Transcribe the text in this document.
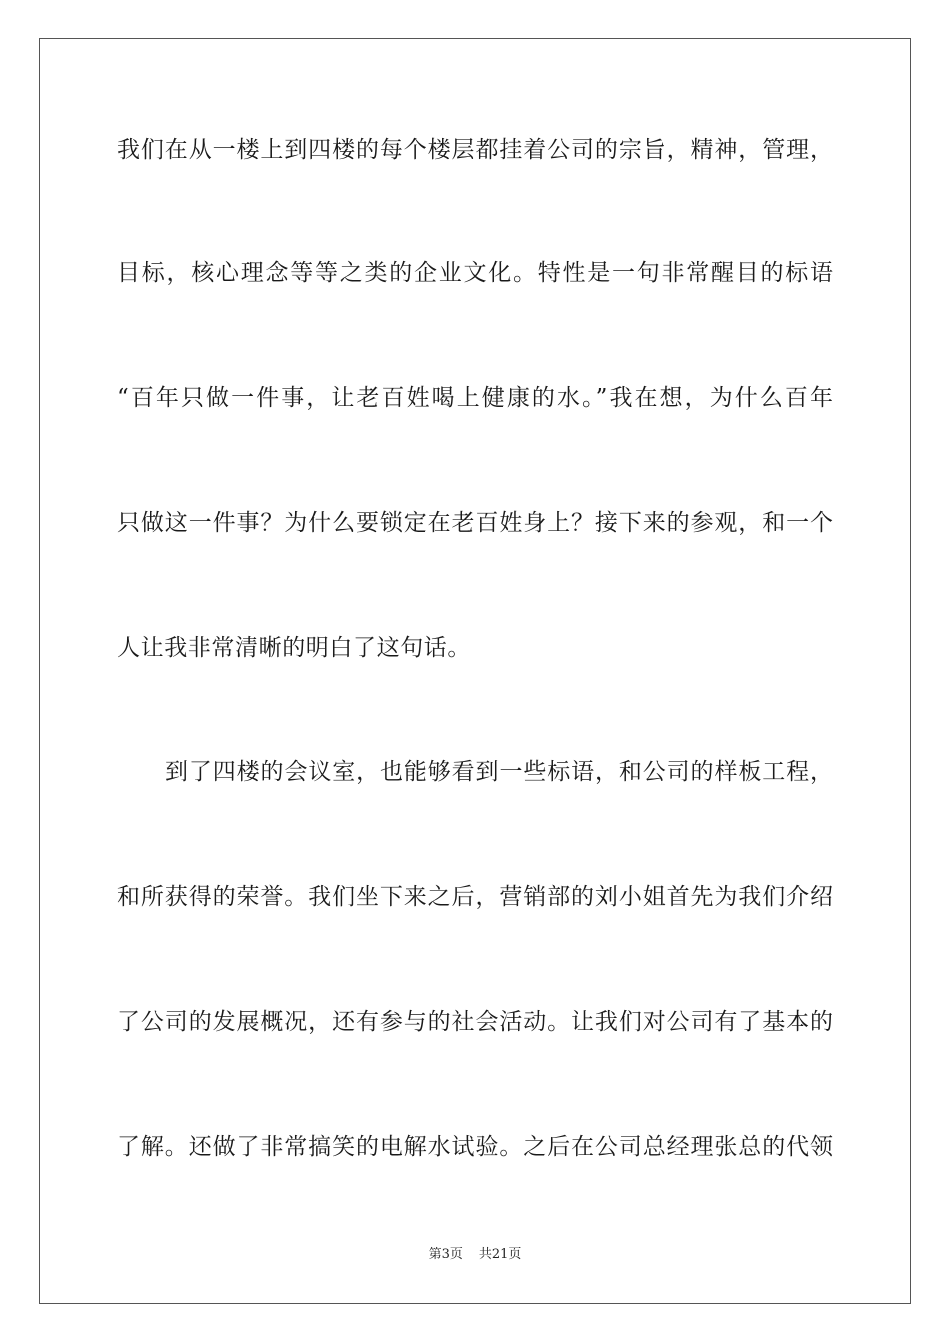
我们在从一楼上到四楼的每个楼层都挂着公司的宗旨，精神，管理，
目标，核心理念等等之类的企业文化。特性是一句非常醒目的标语
“百年只做一件事，让老百姓喝上健康的水。”我在想，为什么百年
只做这一件事？为什么要锁定在老百姓身上？接下来的参观，和一个
人让我非常清晰的明白了这句话。
到了四楼的会议室，也能够看到一些标语，和公司的样板工程，
和所获得的荣誉。我们坐下来之后，营销部的刘小姐首先为我们介绍
了公司的发展概况，还有参与的社会活动。让我们对公司有了基本的
了解。还做了非常搞笑的电解水试验。之后在公司总经理张总的代领
第3页 共21页
